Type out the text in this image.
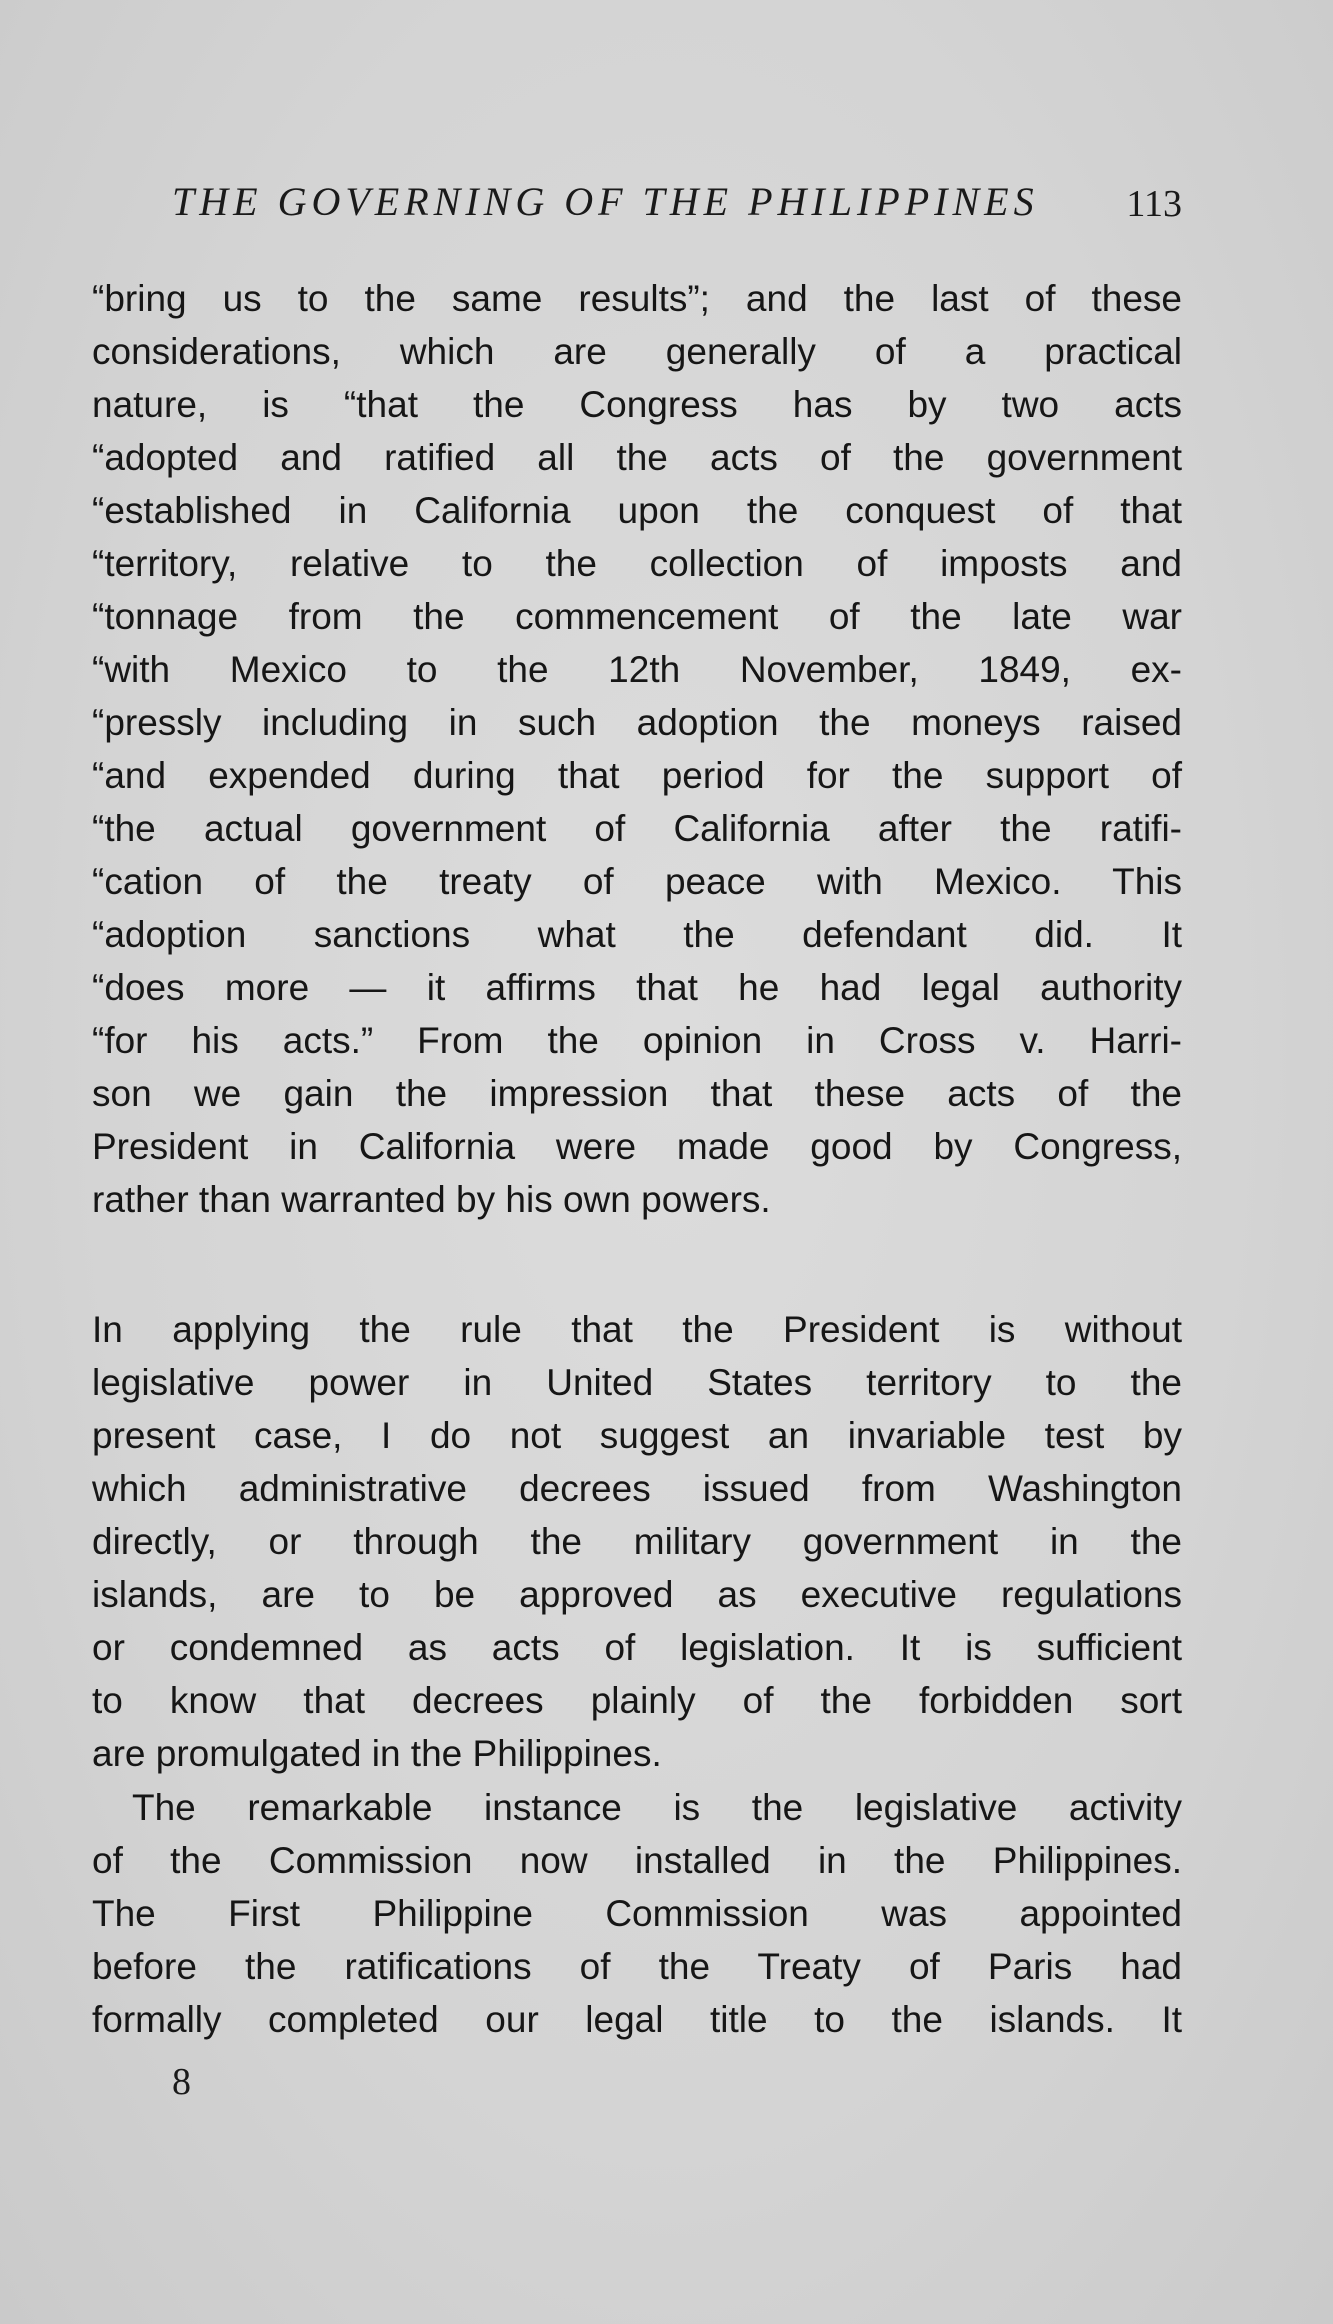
THE GOVERNING OF THE PHILIPPINES 113
“bring us to the same results”; and the last of these
considerations, which are generally of a practical
nature, is “that the Congress has by two acts
“adopted and ratified all the acts of the government
“established in California upon the conquest of that
“territory, relative to the collection of imposts and
“tonnage from the commencement of the late war
“with Mexico to the 12th November, 1849, ex-
“pressly including in such adoption the moneys raised
“and expended during that period for the support of
“the actual government of California after the ratifi-
“cation of the treaty of peace with Mexico. This
“adoption sanctions what the defendant did. It
“does more — it affirms that he had legal authority
“for his acts.” From the opinion in Cross v. Harri-
son we gain the impression that these acts of the
President in California were made good by Congress,
rather than warranted by his own powers.
In applying the rule that the President is without
legislative power in United States territory to the
present case, I do not suggest an invariable test by
which administrative decrees issued from Washington
directly, or through the military government in the
islands, are to be approved as executive regulations
or condemned as acts of legislation. It is sufficient
to know that decrees plainly of the forbidden sort
are promulgated in the Philippines.
The remarkable instance is the legislative activity
of the Commission now installed in the Philippines.
The First Philippine Commission was appointed
before the ratifications of the Treaty of Paris had
formally completed our legal title to the islands. It
8
